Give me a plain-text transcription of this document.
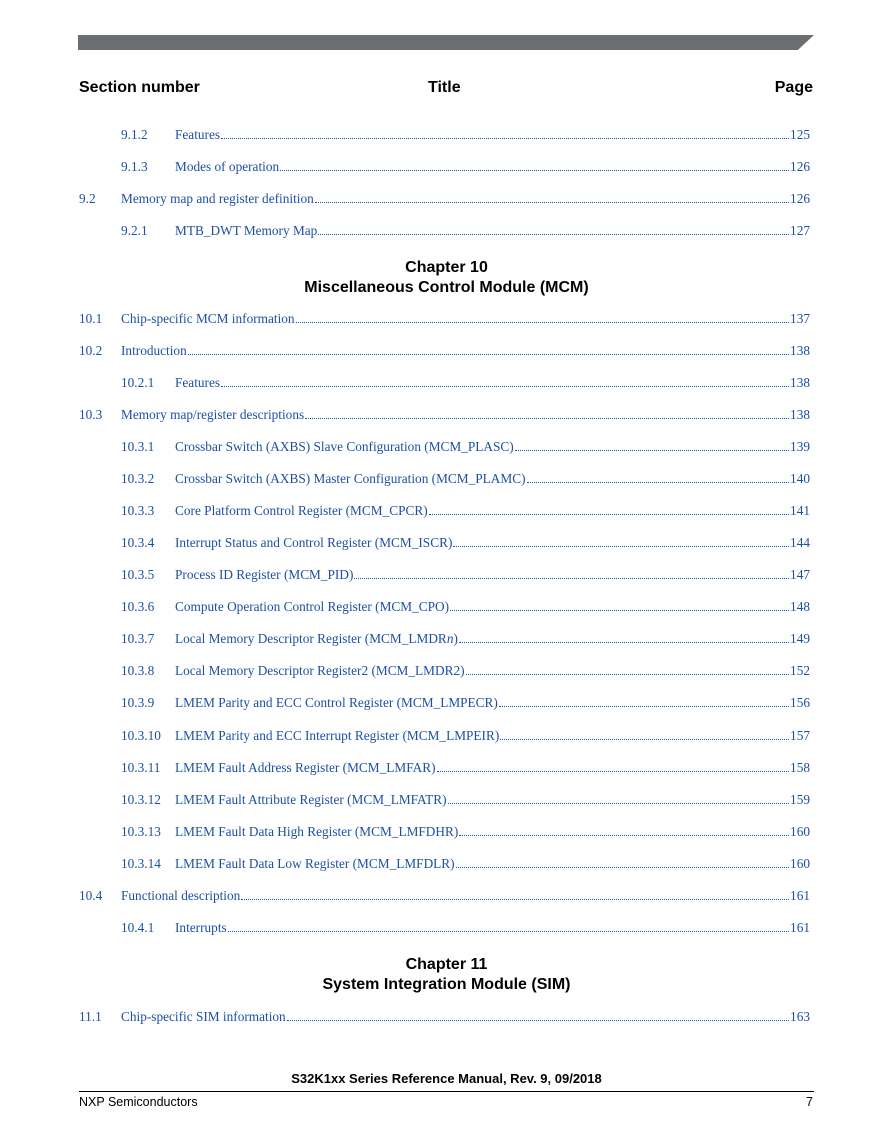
Section number	Title	Page
9.1.2	Features	125
9.1.3	Modes of operation	126
9.2	Memory map and register definition	126
9.2.1	MTB_DWT Memory Map	127
Chapter 10
Miscellaneous Control Module (MCM)
10.1	Chip-specific MCM information	137
10.2	Introduction	138
10.2.1	Features	138
10.3	Memory map/register descriptions	138
10.3.1	Crossbar Switch (AXBS) Slave Configuration (MCM_PLASC)	139
10.3.2	Crossbar Switch (AXBS) Master Configuration (MCM_PLAMC)	140
10.3.3	Core Platform Control Register (MCM_CPCR)	141
10.3.4	Interrupt Status and Control Register (MCM_ISCR)	144
10.3.5	Process ID Register (MCM_PID)	147
10.3.6	Compute Operation Control Register (MCM_CPO)	148
10.3.7	Local Memory Descriptor Register (MCM_LMDRn)	149
10.3.8	Local Memory Descriptor Register2 (MCM_LMDR2)	152
10.3.9	LMEM Parity and ECC Control Register (MCM_LMPECR)	156
10.3.10	LMEM Parity and ECC Interrupt Register (MCM_LMPEIR)	157
10.3.11	LMEM Fault Address Register (MCM_LMFAR)	158
10.3.12	LMEM Fault Attribute Register (MCM_LMFATR)	159
10.3.13	LMEM Fault Data High Register (MCM_LMFDHR)	160
10.3.14	LMEM Fault Data Low Register (MCM_LMFDLR)	160
10.4	Functional description	161
10.4.1	Interrupts	161
Chapter 11
System Integration Module (SIM)
11.1	Chip-specific SIM information	163
S32K1xx Series Reference Manual, Rev. 9, 09/2018
NXP Semiconductors	7
